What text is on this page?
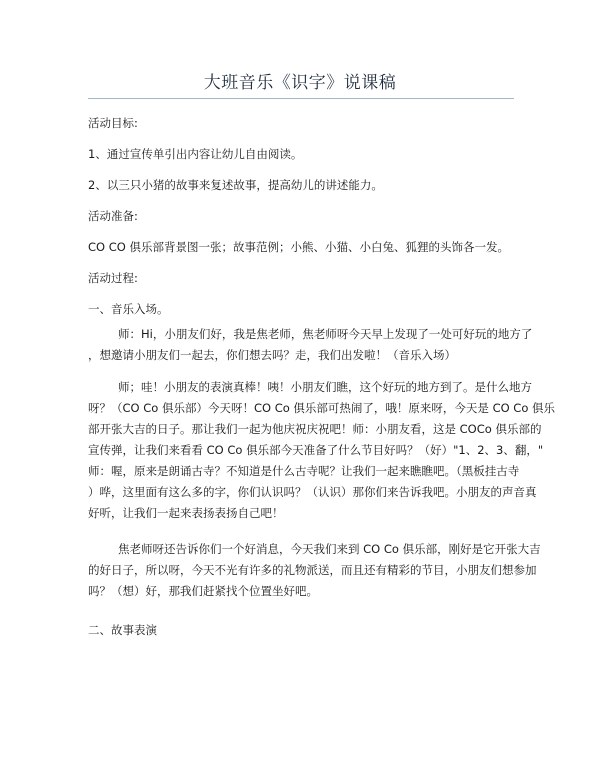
大班音乐《识字》说课稿

活动目标:

1、通过宣传单引出内容让幼儿自由阅读。

2、以三只小猪的故事来复述故事，提高幼儿的讲述能力。

活动准备:

CO CO 俱乐部背景图一张；故事范例；小熊、小猫、小白兔、狐狸的头饰各一发。

活动过程:

一、音乐入场。

师：Hi，小朋友们好，我是焦老师，焦老师呀今天早上发现了一处可好玩的地方了
，想邀请小朋友们一起去，你们想去吗？走，我们出发啦！（音乐入场）
师；哇！小朋友的表演真棒！咦！小朋友们瞧，这个好玩的地方到了。是什么地方
呀？（CO Co 俱乐部）今天呀！CO Co 俱乐部可热闹了，哦！原来呀，今天是 CO Co 俱乐
部开张大吉的日子。那让我们一起为他庆祝庆祝吧！师：小朋友看，这是 COCo 俱乐部的
宣传弹，让我们来看看 CO Co 俱乐部今天准备了什么节目好吗？（好）"1、2、3、翻，"
师：喔，原来是朗诵古寺？不知道是什么古寺呢？让我们一起来瞧瞧吧。（黑板挂古寺
）哗，这里面有这么多的字，你们认识吗？（认识）那你们来告诉我吧。小朋友的声音真
好听，让我们一起来表扬表扬自己吧！
焦老师呀还告诉你们一个好消息，今天我们来到 CO Co 俱乐部，刚好是它开张大吉
的好日子，所以呀，今天不光有许多的礼物派送，而且还有精彩的节目，小朋友们想参加
吗？（想）好，那我们赶紧找个位置坐好吧。

二、故事表演
